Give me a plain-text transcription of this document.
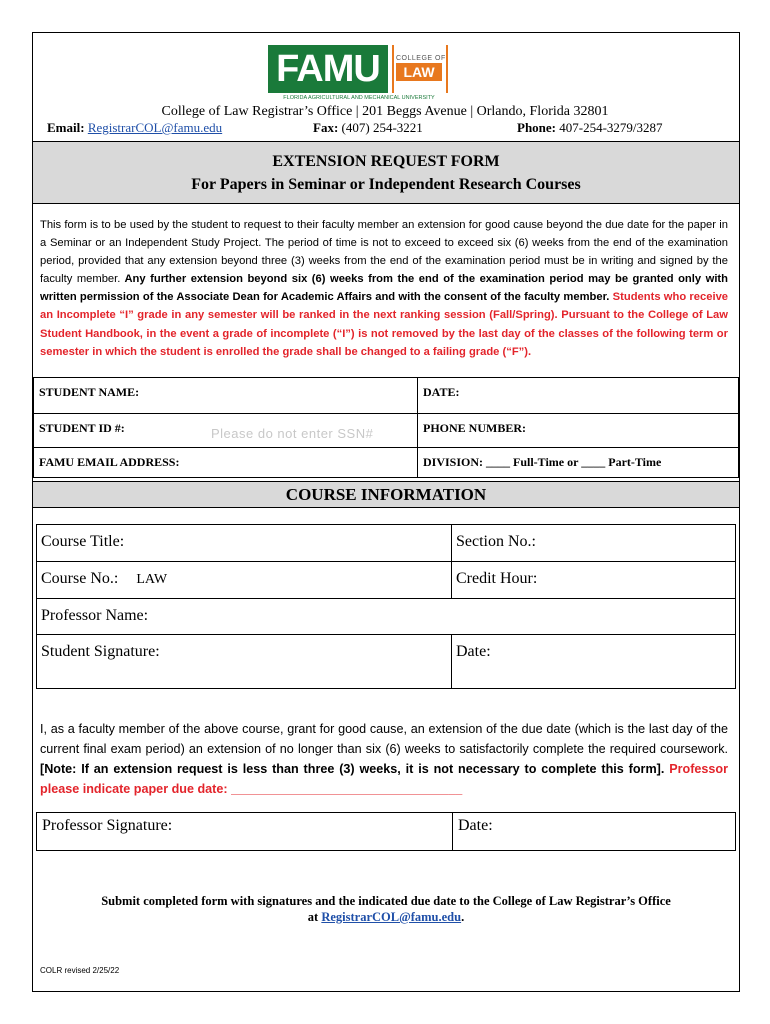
FAMU	COLLEGE OF
LAW
FLORIDA AGRICULTURAL AND MECHANICAL UNIVERSITY
College of Law Registrar’s Office | 201 Beggs Avenue | Orlando, Florida 32801
Email: RegistrarCOL@famu.edu	Fax: (407) 254-3221	Phone: 407-254-3279/3287
EXTENSION REQUEST FORM
For Papers in Seminar or Independent Research Courses
This form is to be used by the student to request to their faculty member an extension for good cause beyond the due date for the paper in a Seminar or an Independent Study Project. The period of time is not to exceed to exceed six (6) weeks from the end of the examination period, provided that any extension beyond three (3) weeks from the end of the examination period must be in writing and signed by the faculty member. Any further extension beyond six (6) weeks from the end of the examination period may be granted only with written permission of the Associate Dean for Academic Affairs and with the consent of the faculty member. Students who receive an Incomplete “I” grade in any semester will be ranked in the next ranking session (Fall/Spring). Pursuant to the College of Law Student Handbook, in the event a grade of incomplete (“I”) is not removed by the last day of the classes of the following term or semester in which the student is enrolled the grade shall be changed to a failing grade (“F”).
STUDENT NAME:	DATE:
STUDENT ID #:	PHONE NUMBER:
FAMU EMAIL ADDRESS:	DIVISION: ____ Full-Time or ____ Part-Time
Please do not enter SSN#
COURSE INFORMATION
Course Title:	Section No.:
Course No.: LAW	Credit Hour:
Professor Name:	
Student Signature:	Date:
I, as a faculty member of the above course, grant for good cause, an extension of the due date (which is the last day of the current final exam period) an extension of no longer than six (6) weeks to satisfactorily complete the required coursework. [Note: If an extension request is less than three (3) weeks, it is not necessary to complete this form]. Professor please indicate paper due date: _________________________________
Professor Signature:	Date:
Submit completed form with signatures and the indicated due date to the College of Law Registrar’s Office
at RegistrarCOL@famu.edu.
COLR revised 2/25/22
